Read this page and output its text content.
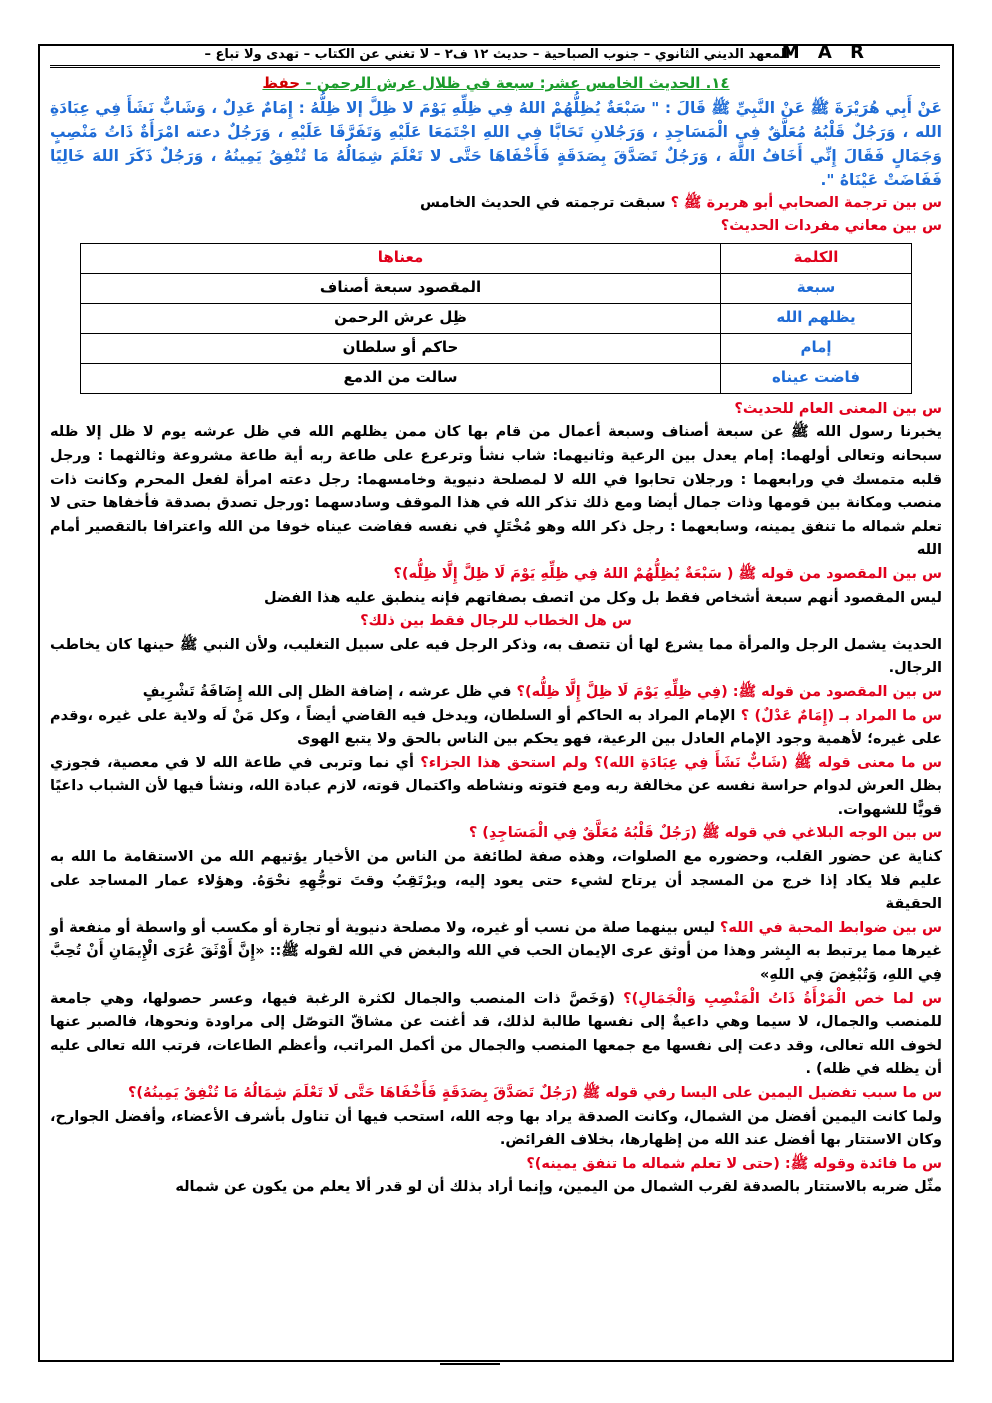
M A R
المعهد الديني الثانوي – جنوب الصباحية – حديث ١٢ ف٢ – لا تغني عن الكتاب – تهدى ولا تباع –

١٤. الحديث الخامس عشر: سبعة في ظلال عرش الرحمن - حفظ

عَنْ أَبِي هُرَيْرَةَ ﷺ عَنْ النَّبِيِّ ﷺ قَالَ : " سَبْعَةٌ يُظِلُّهُمْ اللهُ فِي ظِلِّهِ يَوْمَ لا ظِلَّ إلا ظِلُّهُ : إِمَامٌ عَدِلٌ ، وَشَابٌّ نَشَأَ فِي عِبَادَةِ الله ، وَرَجُلٌ قَلْبُهُ مُعَلَّقٌ فِي الْمَسَاجِدِ ، وَرَجُلانِ تَحَابَّا فِي اللهِ اجْتَمَعَا عَلَيْهِ وَتَفَرَّقَا عَلَيْهِ ، وَرَجُلٌ دعته امْرَأَةٌ ذَاتُ مَنْصِبٍ وَجَمَالٍ فَقَالَ إِنِّي أَخَافُ اللَّهَ ، وَرَجُلٌ تَصَدَّقَ بِصَدَقَةٍ فَأَخْفَاهَا حَتَّى لا تَعْلَمَ شِمَالُهُ مَا تُنْفِقُ يَمِينُهُ ، وَرَجُلٌ ذَكَرَ اللهَ خَالِيًا فَفَاضَتْ عَيْنَاهُ ".

س بين ترجمة الصحابي أبو هريرة ﷺ ؟ سبقت ترجمته في الحديث الخامس

س بين معاني مفردات الحديث؟

الكلمة	معناها
سبعة	المقصود سبعة أصناف
يظلهم الله	ظِل عرش الرحمن
إمام	حاكم أو سلطان
فاضت عيناه	سالت من الدمع

س بين المعنى العام للحديث؟

يخبرنا رسول الله ﷺ عن سبعة أصناف وسبعة أعمال من قام بها كان ممن يظلهم الله في ظل عرشه يوم لا ظل إلا ظله سبحانه وتعالى أولهما: إمام يعدل بين الرعية وثانيهما: شاب نشأ وترعرع على طاعة ربه أية طاعة مشروعة وثالثهما : ورجل قلبه متمسك في ورابعهما : ورجلان تحابوا في الله لا لمصلحة دنيوية وخامسهما: رجل دعته امرأة لفعل المحرم وكانت ذات منصب ومكانة بين قومها وذات جمال أيضا ومع ذلك تذكر الله في هذا الموقف وسادسهما :ورجل تصدق بصدقة فأخفاها حتى لا تعلم شماله ما تنفق يمينه، وسابعهما : رجل ذكر الله وهو مُخْتَلٍ في نفسه ففاضت عيناه خوفا من الله واعترافا بالتقصير أمام الله

س بين المقصود من قوله ﷺ ( سَبْعَةٌ يُظِلُّهُمْ اللهُ فِي ظِلِّهِ يَوْمَ لَا ظِلَّ إِلَّا ظِلُّه)؟

ليس المقصود أنهم سبعة أشخاص فقط بل وكل من اتصف بصفاتهم فإنه ينطبق عليه هذا الفضل

س هل الخطاب للرجال فقط بين ذلك؟

الحديث يشمل الرجل والمرأة مما يشرع لها أن تتصف به، وذكر الرجل فيه على سبيل التغليب، ولأن النبي ﷺ حينها كان يخاطب الرجال.

س بين المقصود من قوله ﷺ: (فِي ظِلِّهِ يَوْمَ لَا ظِلَّ إِلَّا ظِلُّه)؟ في ظل عرشه ، إضافة الظل إلى الله إِضَافَةُ تَشْرِيفٍ

س ما المراد بـ (إِمَامٌ عَدْلٌ) ؟ الإمام المراد به الحاكم أو السلطان، ويدخل فيه القاضي أيضاً ، وكل مَنْ لَه ولاية على غيره ،وقدم على غيره؛ لأهمية وجود الإمام العادل بين الرعية، فهو يحكم بين الناس بالحق ولا يتبع الهوى

س ما معنى قوله ﷺ (شَابٌّ نَشَأَ فِي عِبَادَةِ الله)؟ ولم استحق هذا الجزاء؟ أي نما وتربى في طاعة الله لا في معصية، فجوزي بظل العرش لدوام حراسة نفسه عن مخالفة ربه ومع فتوته ونشاطه واكتمال قوته، لازم عبادة الله، ونشأ فيها لأن الشباب داعيًا قويًّا للشهوات.

س بين الوجه البلاغي في قوله ﷺ (رَجُلٌ قَلْبُهُ مُعَلَّقٌ فِي الْمَسَاجِدِ) ؟

كناية عن حضور القلب، وحضوره مع الصلوات، وهذه صفة لطائفة من الناس من الأخيار يؤتيهم الله من الاستقامة ما الله به عليم فلا يكاد إذا خرج من المسجد أن يرتاح لشيء حتى يعود إليه، ويرْتَقِبُ وقتَ توجُّهِهِ نحْوَهُ. وهؤلاء عمار المساجد على الحقيقة

س بين ضوابط المحبة في الله؟ ليس بينهما صلة من نسب أو غيره، ولا مصلحة دنيوية أو تجارة أو مكسب أو واسطة أو منفعة أو غيرها مما يرتبط به البِشر وهذا من أوثق عرى الإيمان الحب في الله والبغض في الله لقوله ﷺ:: «إِنَّ أَوْثَقَ عُرَى الْإِيمَانِ أَنْ تُحِبَّ فِي اللهِ، وَتُبْغِضَ فِي اللهِ»

س لما خص الْمَرْأَةُ ذَاتُ الْمَنْصِبِ وَالْجَمَالِ)؟ (وَخَصَّ ذات المنصب والجمال لكثرة الرغبة فيها، وعسر حصولها، وهي جامعة للمنصب والجمال، لا سيما وهي داعيةٌ إلى نفسها طالبة لذلك، قد أغنت عن مشاقّ التوصّل إلى مراودة ونحوها، فالصبر عنها لخوف الله تعالى، وقد دعت إلى نفسها مع جمعها المنصب والجمال من أكمل المراتب، وأعظم الطاعات، فرتب الله تعالى عليه أن يظله في ظله) .

س ما سبب تفضيل اليمين على اليسا رفي قوله ﷺ (رَجُلٌ تَصَدَّقَ بِصَدَقَةٍ فَأَخْفَاهَا حَتَّى لَا تَعْلَمَ شِمَالُهُ مَا تُنْفِقُ يَمِينُهُ)؟

ولما كانت اليمين أفضل من الشمال، وكانت الصدقة يراد بها وجه الله، استحب فيها أن تناول بأشرف الأعضاء، وأفضل الجوارح، وكان الاستتار بها أفضل عند الله من إظهارها، بخلاف الفرائض.

س ما فائدة وقوله ﷺ: (حتى لا تعلم شماله ما تنفق يمينه)؟

مثّل ضربه بالاستتار بالصدقة لقرب الشمال من اليمين، وإنما أراد بذلك أن لو قدر ألا يعلم من يكون عن شماله
